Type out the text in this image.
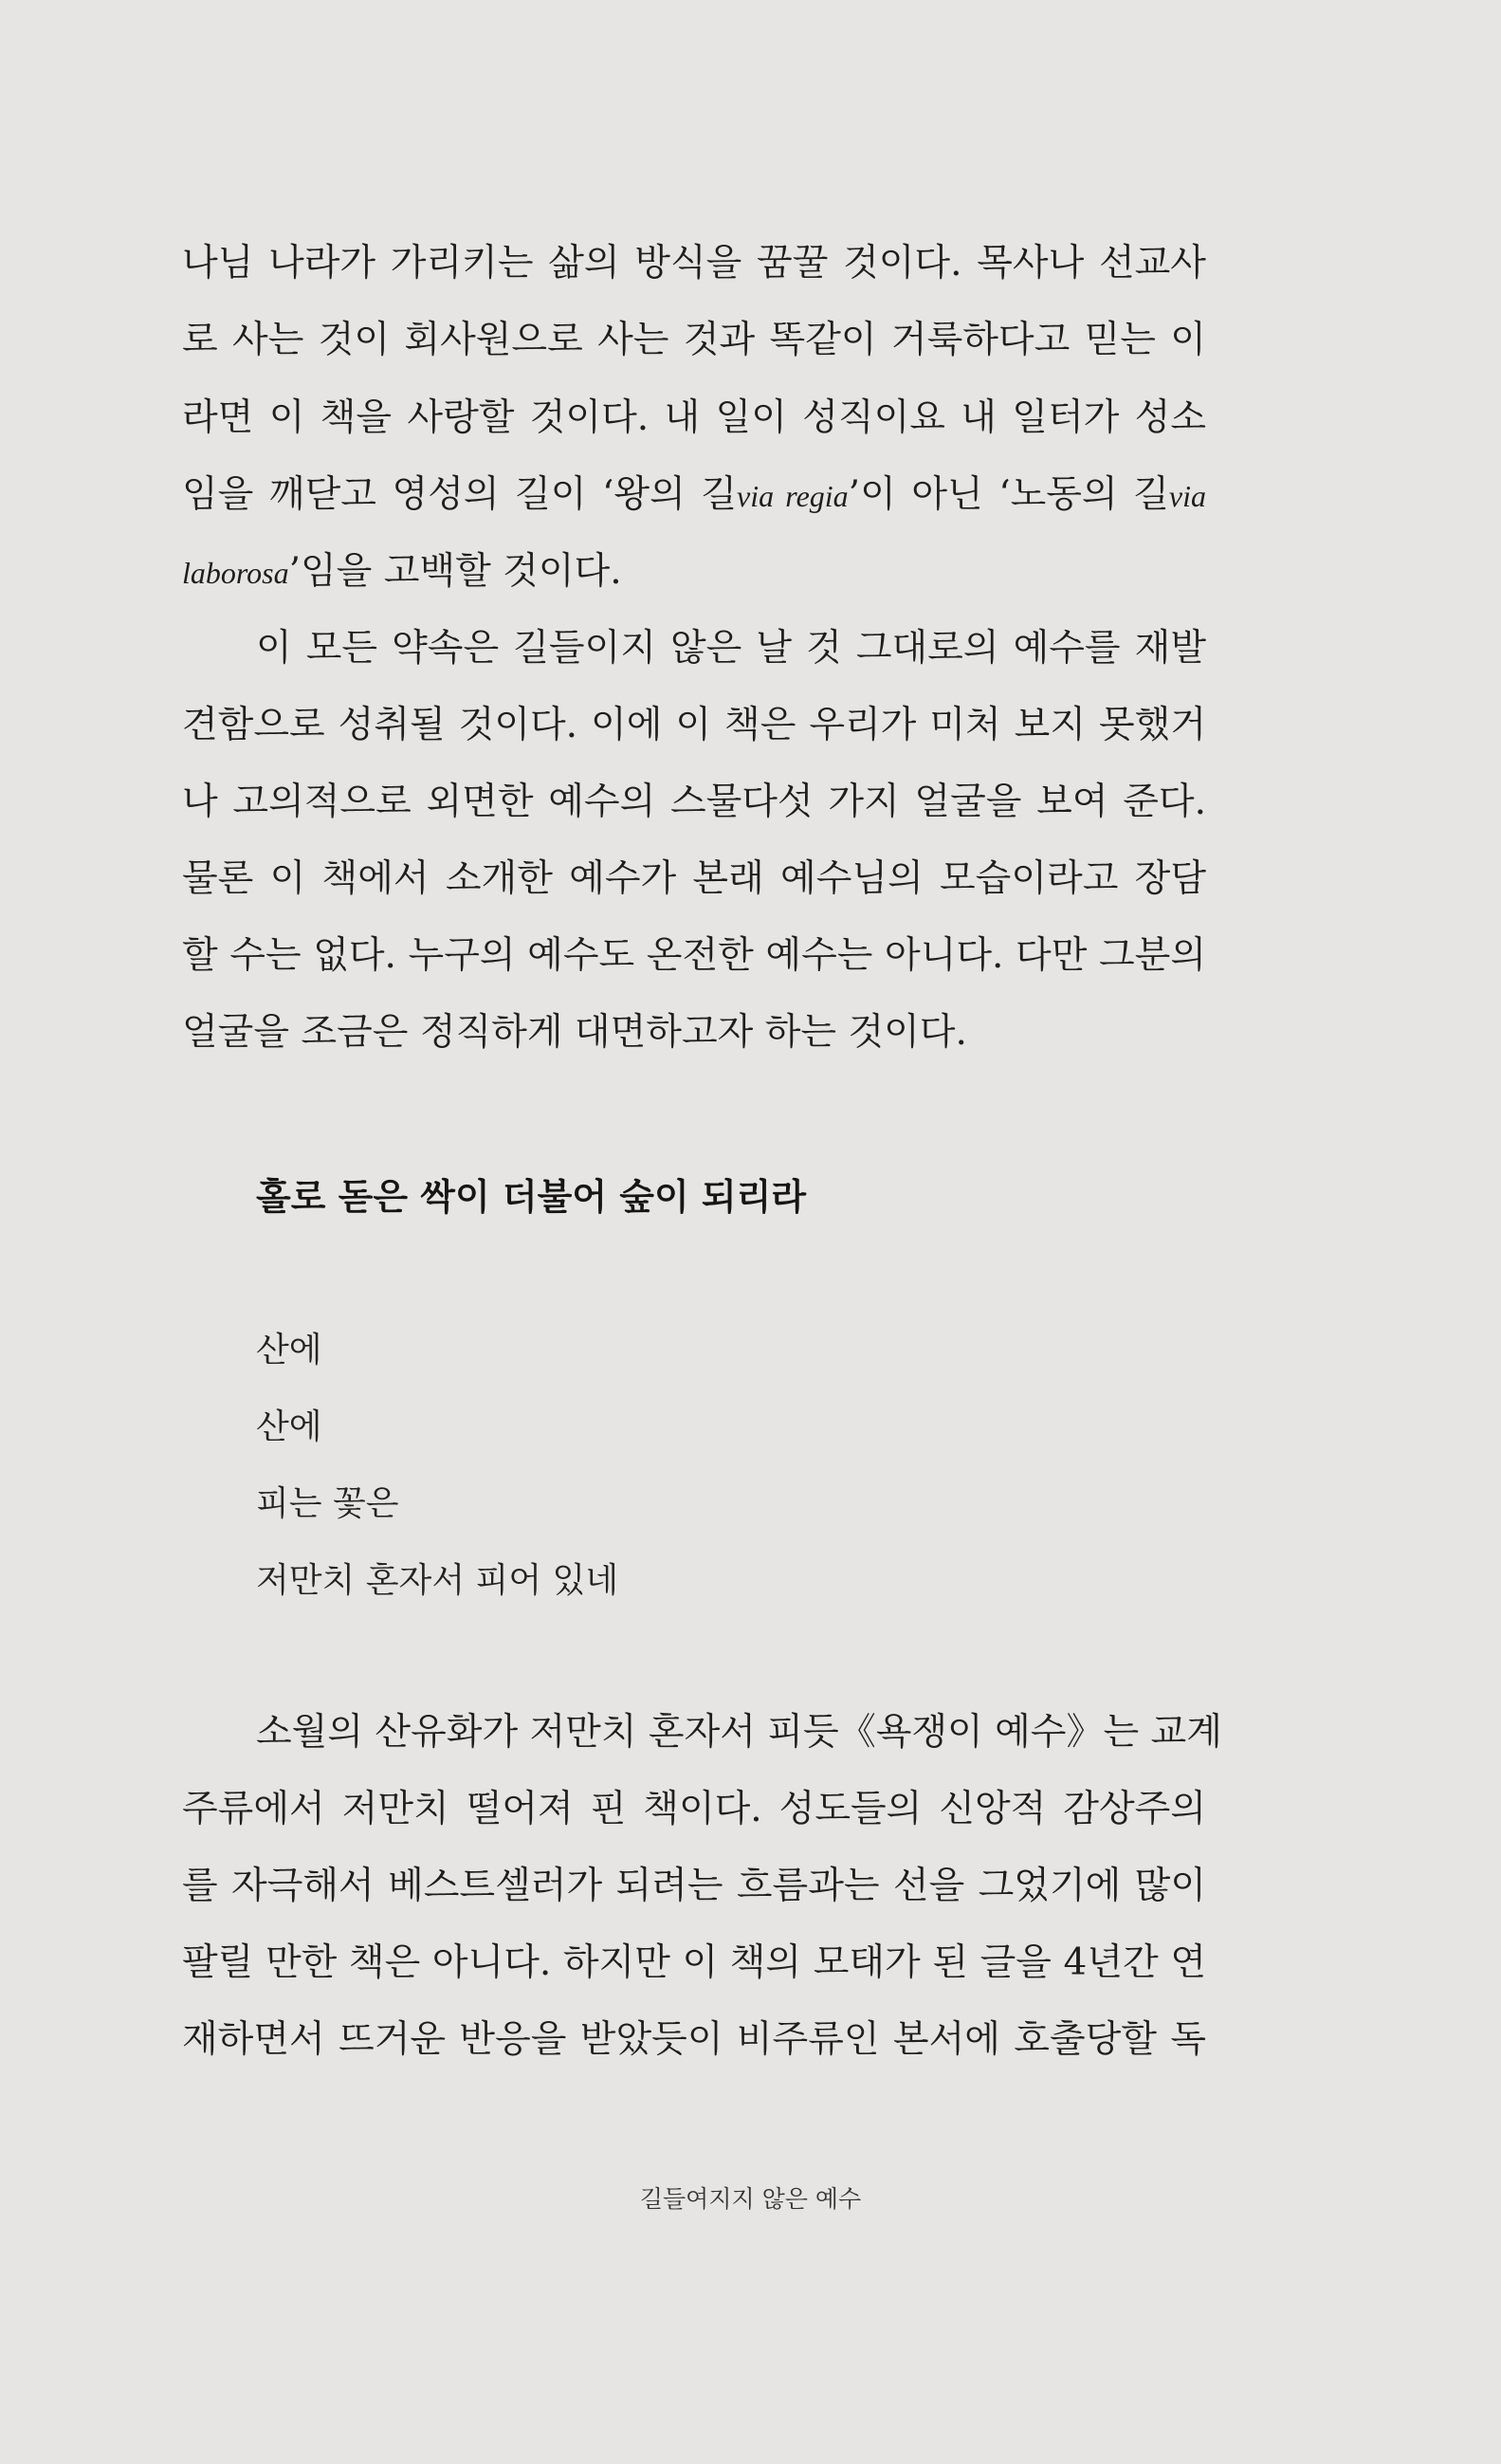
나님 나라가 가리키는 삶의 방식을 꿈꿀 것이다. 목사나 선교사
로 사는 것이 회사원으로 사는 것과 똑같이 거룩하다고 믿는 이
라면 이 책을 사랑할 것이다. 내 일이 성직이요 내 일터가 성소
임을 깨닫고 영성의 길이 ‘왕의 길via regia’이 아닌 ‘노동의 길via
laborosa’임을 고백할 것이다.
이 모든 약속은 길들이지 않은 날 것 그대로의 예수를 재발
견함으로 성취될 것이다. 이에 이 책은 우리가 미처 보지 못했거
나 고의적으로 외면한 예수의 스물다섯 가지 얼굴을 보여 준다.
물론 이 책에서 소개한 예수가 본래 예수님의 모습이라고 장담
할 수는 없다. 누구의 예수도 온전한 예수는 아니다. 다만 그분의
얼굴을 조금은 정직하게 대면하고자 하는 것이다.
홀로 돋은 싹이 더불어 숲이 되리라
산에
산에
피는 꽃은
저만치 혼자서 피어 있네
소월의 산유화가 저만치 혼자서 피듯《욕쟁이 예수》는 교계
주류에서 저만치 떨어져 핀 책이다. 성도들의 신앙적 감상주의
를 자극해서 베스트셀러가 되려는 흐름과는 선을 그었기에 많이
팔릴 만한 책은 아니다. 하지만 이 책의 모태가 된 글을 4년간 연
재하면서 뜨거운 반응을 받았듯이 비주류인 본서에 호출당할 독
길들여지지 않은 예수
